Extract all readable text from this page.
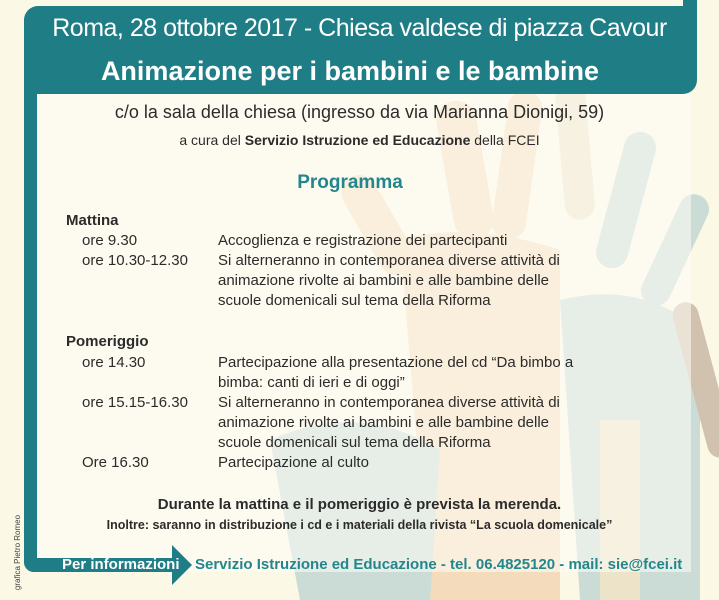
Roma, 28 ottobre 2017 - Chiesa valdese di piazza Cavour
Animazione per i bambini e le bambine
c/o la sala della chiesa (ingresso da via Marianna Dionigi, 59)
a cura del Servizio Istruzione ed Educazione della FCEI
Programma
Mattina
ore 9.30	Accoglienza e registrazione dei partecipanti
ore 10.30-12.30 Si alterneranno in contemporanea diverse attività di
animazione rivolte ai bambini e alle bambine delle
scuole domenicali sul tema della Riforma
Pomeriggio
ore 14.30	Partecipazione alla presentazione del cd “Da bimbo a
bimba: canti di ieri e di oggi”
ore 15.15-16.30 Si alterneranno in contemporanea diverse attività di
animazione rivolte ai bambini e alle bambine delle
scuole domenicali sul tema della Riforma
Ore 16.30	Partecipazione al culto
Durante la mattina e il pomeriggio è prevista la merenda.
Inoltre: saranno in distribuzione i cd e i materiali della rivista “La scuola domenicale”
Per informazioni Servizio Istruzione ed Educazione - tel. 06.4825120 - mail: sie@fcei.it
grafica Pietro Romeo
